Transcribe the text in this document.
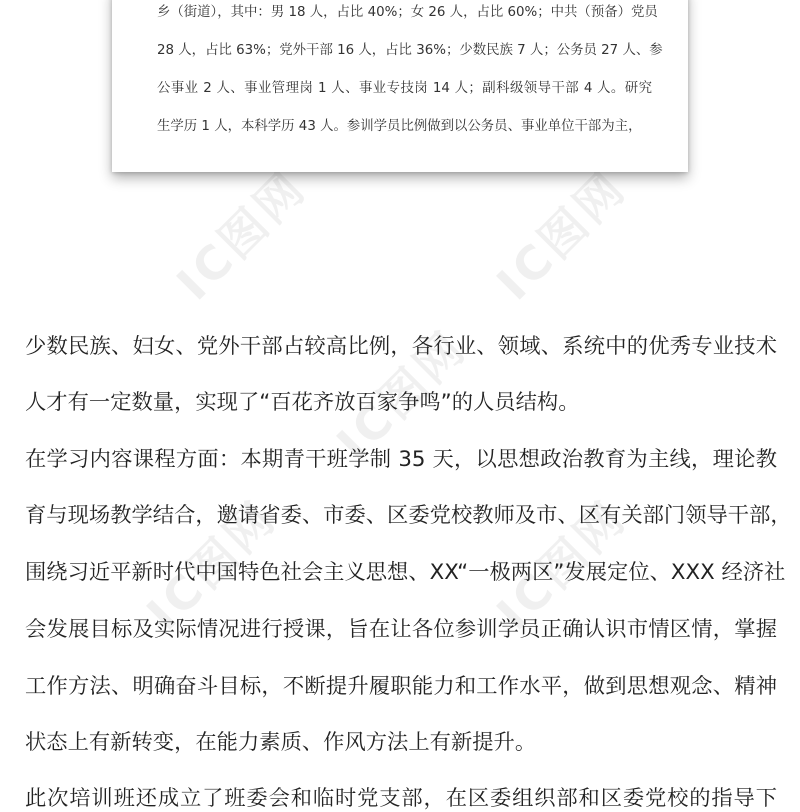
IC图网	IC图网
IC图网
IC图网	IC图网
乡（街道），其中：男 18 人，占比 40%；女 26 人，占比 60%；中共（预备）党员
28 人，占比 63%；党外干部 16 人，占比 36%；少数民族 7 人；公务员 27 人、参
公事业 2 人、事业管理岗 1 人、事业专技岗 14 人；副科级领导干部 4 人。研究
生学历 1 人，本科学历 43 人。参训学员比例做到以公务员、事业单位干部为主，
少数民族、妇女、党外干部占较高比例，各行业、领域、系统中的优秀专业技术
人才有一定数量，实现了“百花齐放百家争鸣”的人员结构。
在学习内容课程方面：本期青干班学制 35 天，以思想政治教育为主线，理论教
育与现场教学结合，邀请省委、市委、区委党校教师及市、区有关部门领导干部，
围绕习近平新时代中国特色社会主义思想、XX“一极两区”发展定位、XXX 经济社
会发展目标及实际情况进行授课，旨在让各位参训学员正确认识市情区情，掌握
工作方法、明确奋斗目标，不断提升履职能力和工作水平，做到思想观念、精神
状态上有新转变，在能力素质、作风方法上有新提升。
此次培训班还成立了班委会和临时党支部，在区委组织部和区委党校的指导下
